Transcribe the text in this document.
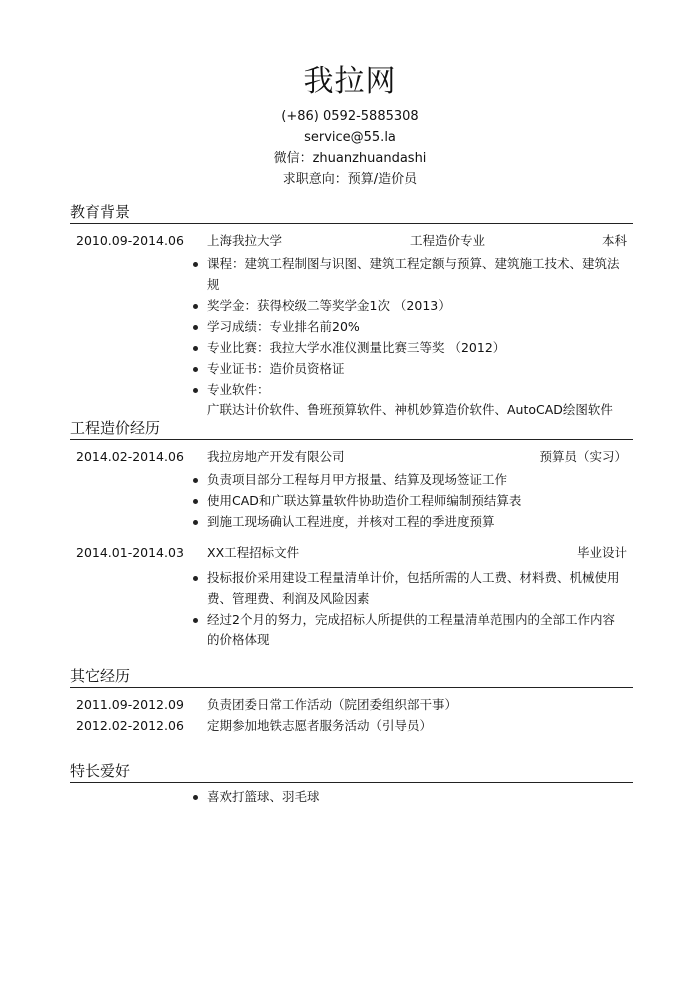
我拉网
(+86) 0592-5885308
service@55.la
微信：zhuanzhuandashi
求职意向：预算/造价员
教育背景
2010.09-2014.06 上海我拉大学	工程造价专业	本科
课程：建筑工程制图与识图、建筑工程定额与预算、建筑施工技术、建筑法规
奖学金：获得校级二等奖学金1次 （2013）
学习成绩：专业排名前20%
专业比赛：我拉大学水准仪测量比赛三等奖 （2012）
专业证书：造价员资格证
专业软件：
广联达计价软件、鲁班预算软件、神机妙算造价软件、AutoCAD绘图软件
工程造价经历
2014.02-2014.06 我拉房地产开发有限公司	预算员（实习）
负责项目部分工程每月甲方报量、结算及现场签证工作
使用CAD和广联达算量软件协助造价工程师编制预结算表
到施工现场确认工程进度，并核对工程的季进度预算
2014.01-2014.03 XX工程招标文件	毕业设计
投标报价采用建设工程量清单计价，包括所需的人工费、材料费、机械使用费、管理费、利润及风险因素
经过2个月的努力，完成招标人所提供的工程量清单范围内的全部工作内容的价格体现
其它经历
2011.09-2012.09 负责团委日常工作活动（院团委组织部干事）
2012.02-2012.06 定期参加地铁志愿者服务活动（引导员）
特长爱好
喜欢打篮球、羽毛球
